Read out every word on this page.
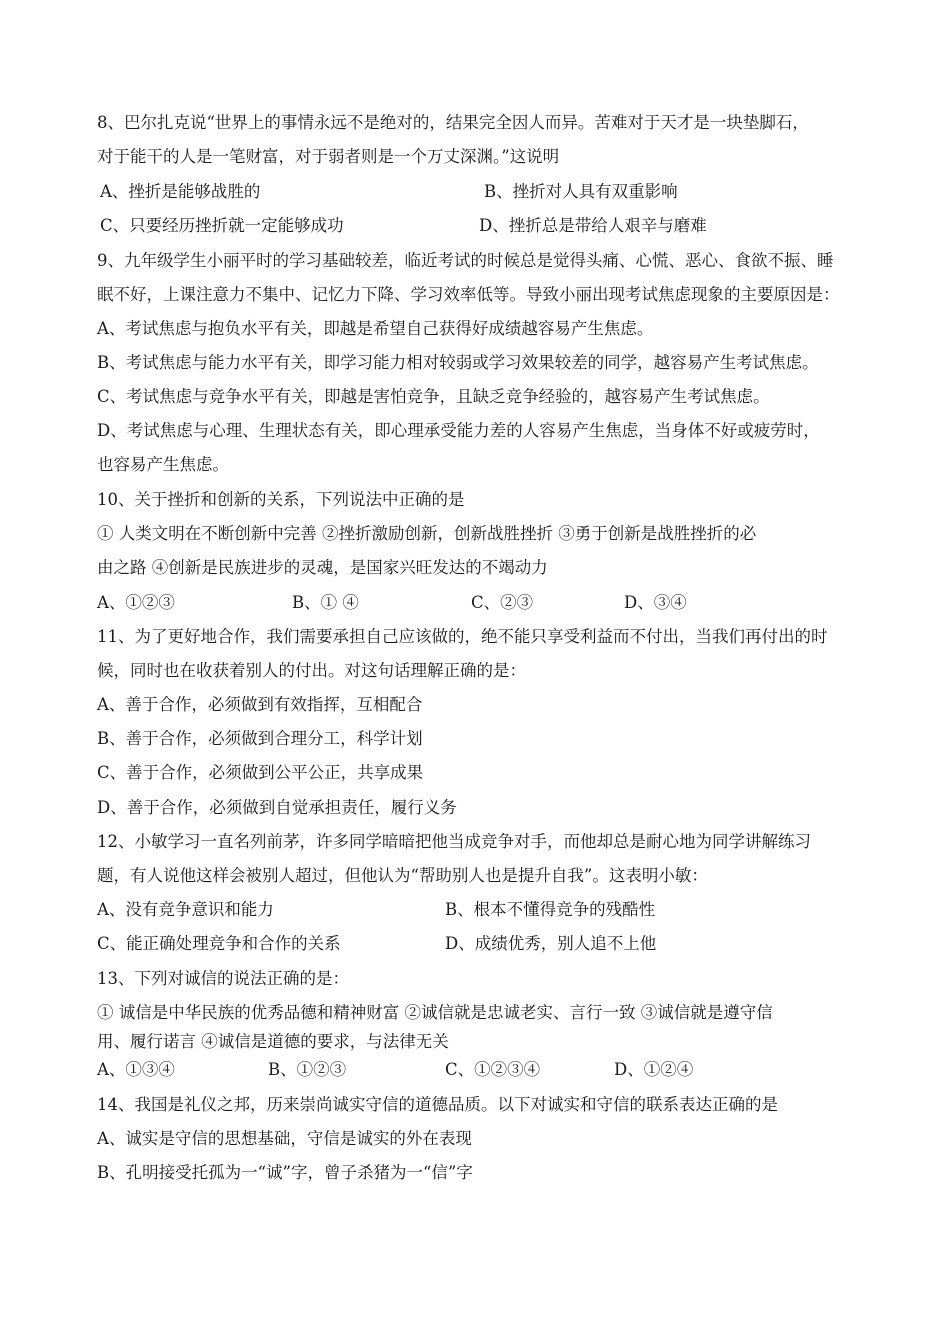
8、巴尔扎克说“世界上的事情永远不是绝对的，结果完全因人而异。苦难对于天才是一块垫脚石，
对于能干的人是一笔财富，对于弱者则是一个万丈深渊。”这说明
A、挫折是能够战胜的	B、挫折对人具有双重影响
C、只要经历挫折就一定能够成功	D、挫折总是带给人艰辛与磨难
9、九年级学生小丽平时的学习基础较差，临近考试的时候总是觉得头痛、心慌、恶心、食欲不振、睡
眠不好，上课注意力不集中、记忆力下降、学习效率低等。导致小丽出现考试焦虑现象的主要原因是：
A、考试焦虑与抱负水平有关，即越是希望自己获得好成绩越容易产生焦虑。
B、考试焦虑与能力水平有关，即学习能力相对较弱或学习效果较差的同学，越容易产生考试焦虑。
C、考试焦虑与竞争水平有关，即越是害怕竞争，且缺乏竞争经验的，越容易产生考试焦虑。
D、考试焦虑与心理、生理状态有关，即心理承受能力差的人容易产生焦虑，当身体不好或疲劳时，
也容易产生焦虑。
10、关于挫折和创新的关系，下列说法中正确的是
① 人类文明在不断创新中完善 ②挫折激励创新，创新战胜挫折 ③勇于创新是战胜挫折的必
由之路 ④创新是民族进步的灵魂，是国家兴旺发达的不竭动力
A、①②③	B、① ④	C、②③	D、③④
11、为了更好地合作，我们需要承担自己应该做的，绝不能只享受利益而不付出，当我们再付出的时
候，同时也在收获着别人的付出。对这句话理解正确的是：
A、善于合作，必须做到有效指挥，互相配合
B、善于合作，必须做到合理分工，科学计划
C、善于合作，必须做到公平公正，共享成果
D、善于合作，必须做到自觉承担责任，履行义务
12、小敏学习一直名列前茅，许多同学暗暗把他当成竞争对手，而他却总是耐心地为同学讲解练习
题，有人说他这样会被别人超过，但他认为“帮助别人也是提升自我”。这表明小敏：
A、没有竞争意识和能力	B、根本不懂得竞争的残酷性
C、能正确处理竞争和合作的关系	D、成绩优秀，别人追不上他
13、下列对诚信的说法正确的是：
① 诚信是中华民族的优秀品德和精神财富 ②诚信就是忠诚老实、言行一致 ③诚信就是遵守信
用、履行诺言 ④诚信是道德的要求，与法律无关
A、①③④	B、①②③	C、①②③④	D、①②④
14、我国是礼仪之邦，历来崇尚诚实守信的道德品质。以下对诚实和守信的联系表达正确的是
A、诚实是守信的思想基础，守信是诚实的外在表现
B、孔明接受托孤为一“诚”字，曾子杀猪为一“信”字
